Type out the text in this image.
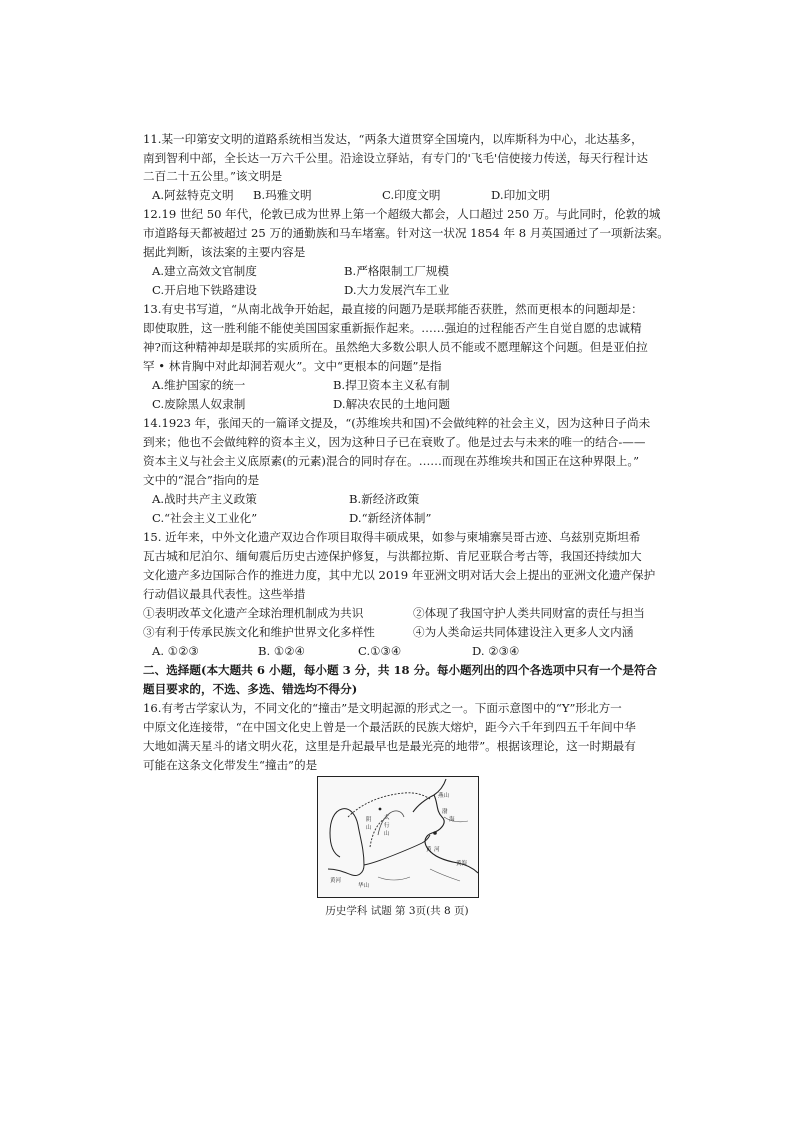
11.某一印第安文明的道路系统相当发达，“两条大道贯穿全国境内，以库斯科为中心，北达基多，
南到智利中部，全长达一万六千公里。沿途设立驿站，有专门的'飞毛'信使接力传送，每天行程计达
二百二十五公里。”该文明是
A.阿兹特克文明 B.玛雅文明	C.印度文明	D.印加文明
12.19 世纪 50 年代，伦敦已成为世界上第一个超级大都会，人口超过 250 万。与此同时，伦敦的城
市道路每天都被超过 25 万的通勤族和马车堵塞。针对这一状况 1854 年 8 月英国通过了一项新法案。
据此判断，该法案的主要内容是
A.建立高效文官制度	B.严格限制工厂规模
C.开启地下铁路建设	D.大力发展汽车工业
13.有史书写道，“从南北战争开始起，最直接的问题乃是联邦能否获胜，然而更根本的问题却是：
即使取胜，这一胜利能不能使美国国家重新振作起来。……强迫的过程能否产生自觉自愿的忠诚精
神?而这种精神却是联邦的实质所在。虽然绝大多数公职人员不能或不愿理解这个问题。但是亚伯拉
罕 • 林肯胸中对此却洞若观火”。文中“更根本的问题”是指
A.维护国家的统一	B.捍卫资本主义私有制
C.废除黑人奴隶制	D.解决农民的土地问题
14.1923 年，张闻天的一篇译文提及，“(苏维埃共和国)不会做纯粹的社会主义，因为这种日子尚未
到来；他也不会做纯粹的资本主义，因为这种日子已在衰败了。他是过去与未来的唯一的结合-——
资本主义与社会主义底原素(的元素)混合的同时存在。……而现在苏维埃共和国正在这种界限上。”
文中的“混合”指向的是
A.战时共产主义政策	B.新经济政策
C.“社会主义工业化”	D.“新经济体制”
15. 近年来，中外文化遗产双边合作项目取得丰硕成果，如参与柬埔寨吴哥古迹、乌兹别克斯坦希
瓦古城和尼泊尔、缅甸震后历史古迹保护修复，与洪都拉斯、肯尼亚联合考古等，我国还持续加大
文化遗产多边国际合作的推进力度，其中尤以 2019 年亚洲文明对话大会上提出的亚洲文化遗产保护
行动倡议最具代表性。这些举措
①表明改革文化遗产全球治理机制成为共识	②体现了我国守护人类共同财富的责任与担当
③有利于传承民族文化和维护世界文化多样性	④为人类命运共同体建设注入更多人文内涵
A. ①②③	B. ①②④	C.①③④	D. ②③④
二、选择题(本大题共 6 小题，每小题 3 分，共 18 分。每小题列出的四个各选项中只有一个是符合
题目要求的，不选、多选、错选均不得分)
16.有考古学家认为，不同文化的“撞击”是文明起源的形式之一。下面示意图中的“Y”形北方一
燕山
渤
海
太
行
山
阴
山
黄 河
黄河
华山
黄海
历史学科 试题 第 3页(共 8 页)
中原文化连接带，“在中国文化史上曾是一个最活跃的民族大熔炉，距今六千年到四五千年间中华
大地如满天星斗的诸文明火花，这里是升起最早也是最光亮的地带”。根据该理论，这一时期最有
可能在这条文化带发生“撞击”的是
